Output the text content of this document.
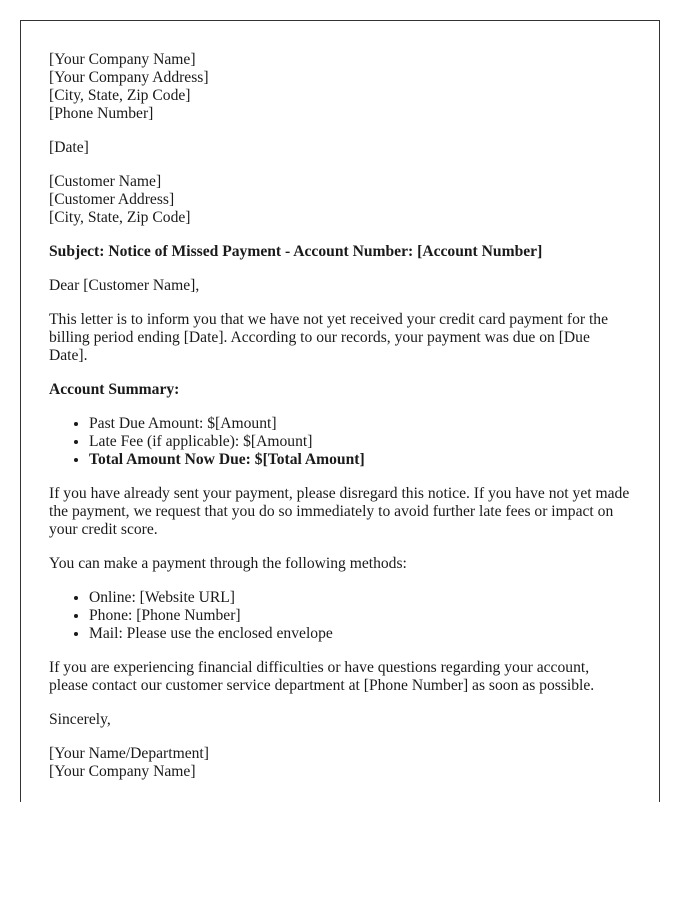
[Your Company Name]
[Your Company Address]
[City, State, Zip Code]
[Phone Number]

[Date]

[Customer Name]
[Customer Address]
[City, State, Zip Code]

Subject: Notice of Missed Payment - Account Number: [Account Number]

Dear [Customer Name],

This letter is to inform you that we have not yet received your credit card payment for the billing period ending [Date]. According to our records, your payment was due on [Due Date].

Account Summary:

• Past Due Amount: $[Amount]
• Late Fee (if applicable): $[Amount]
• Total Amount Now Due: $[Total Amount]

If you have already sent your payment, please disregard this notice. If you have not yet made the payment, we request that you do so immediately to avoid further late fees or impact on your credit score.

You can make a payment through the following methods:

• Online: [Website URL]
• Phone: [Phone Number]
• Mail: Please use the enclosed envelope

If you are experiencing financial difficulties or have questions regarding your account, please contact our customer service department at [Phone Number] as soon as possible.

Sincerely,

[Your Name/Department]
[Your Company Name]
